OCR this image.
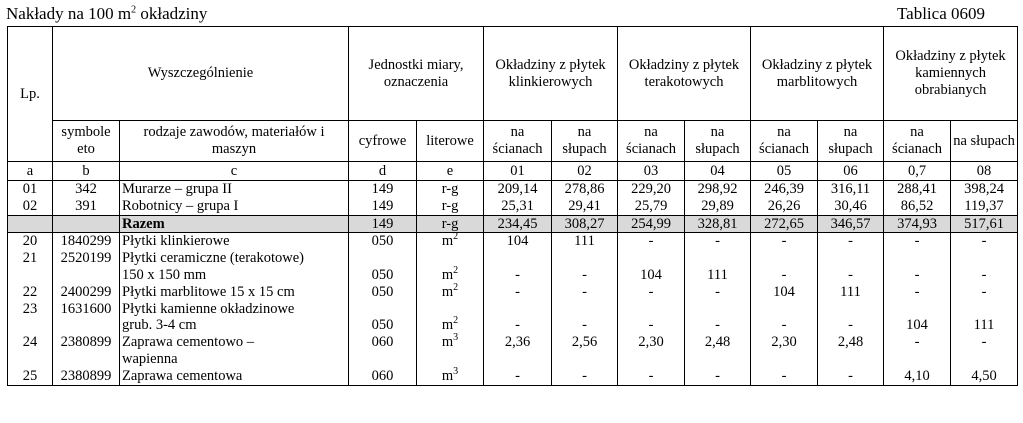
Nakłady na 100 $m^2$ okładziny	Tablica 0609
Lp.	Wyszczególnienie		Jednostki miary, oznaczenia		Okładziny z płytek klinkierowych		Okładziny z płytek terakotowych		Okładziny z płytek marblitowych		Okładziny z płytek kamiennych obrabianych	
	symbole eto	rodzaje zawodów, materiałów i maszyn	cyfrowe	literowe	na ścianach	na słupach	na ścianach	na słupach	na ścianach	na słupach	na ścianach	na słupach
a	b	c	d	e	01	02	03	04	05	06	0,7	08
01	342	Murarze – grupa II	149	r-g	209,14	278,86	229,20	298,92	246,39	316,11	288,41	398,24
02	391	Robotnicy – grupa I	149	r-g	25,31	29,41	25,79	29,89	26,26	30,46	86,52	119,37
		Razem	149	r-g	234,45	308,27	254,99	328,81	272,65	346,57	374,93	517,61
20	1840299	Płytki klinkierowe	050	$m^2$	104	111	-	-	-	-	-	-
21	2520199	Płytki ceramiczne (terakotowe)										
		150 x 150 mm	050	$m^2$	-	-	104	111	-	-	-	-
22	2400299	Płytki marblitowe 15 x 15 cm	050	$m^2$	-	-	-	-	104	111	-	-
23	1631600	Płytki kamienne okładzinowe										
		grub. 3-4 cm	050	$m^2$	-	-	-	-	-	-	104	111
24	2380899	Zaprawa cementowo –	060	$m^3$	2,36	2,56	2,30	2,48	2,30	2,48	-	-
		wapienna										
25	2380899	Zaprawa cementowa	060	$m^3$	-	-	-	-	-	-	4,10	4,50
